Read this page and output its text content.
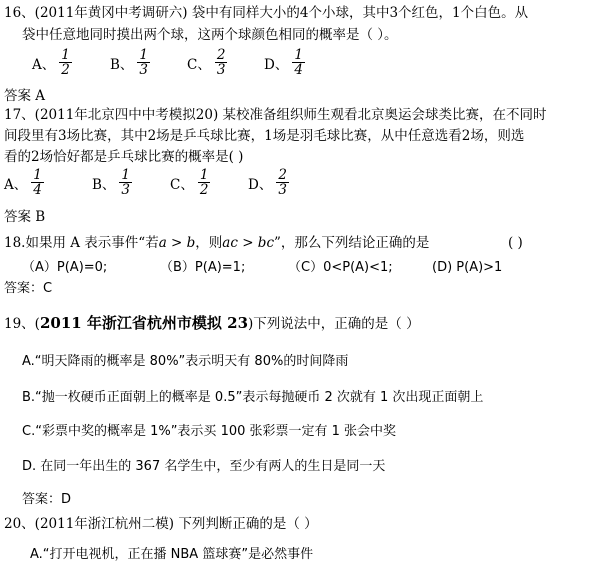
16、(2011年黄冈中考调研六) 袋中有同样大小的4个小球，其中3个红色，1个白色。从
袋中任意地同时摸出两个球，这两个球颜色相同的概率是（ ）。
A、 $\frac{1}{2}$	B、 $\frac{1}{3}$	C、 $\frac{2}{3}$	D、 $\frac{1}{4}$
答案 A
17、(2011年北京四中中考模拟20) 某校准备组织师生观看北京奥运会球类比赛，在不同时
间段里有3场比赛，其中2场是乒乓球比赛，1场是羽毛球比赛，从中任意选看2场，则选
看的2场恰好都是乒乓球比赛的概率是( )
A、 $\frac{1}{4}$	B、 $\frac{1}{3}$	C、 $\frac{1}{2}$	D、 $\frac{2}{3}$
答案 B
18.如果用 A 表示事件“若a > b，则ac > bc”，那么下列结论正确的是	( )
（A）P(A)=0;	（B）P(A)=1;	（C）0<P(A)<1;	(D) P(A)>1
答案：C
19、(2011 年浙江省杭州市模拟 23)下列说法中，正确的是（ ）
A.“明天降雨的概率是 80%”表示明天有 80%的时间降雨
B.“抛一枚硬币正面朝上的概率是 0.5”表示每抛硬币 2 次就有 1 次出现正面朝上
C.“彩票中奖的概率是 1%”表示买 100 张彩票一定有 1 张会中奖
D. 在同一年出生的 367 名学生中，至少有两人的生日是同一天
答案：D
20、(2011年浙江杭州二模) 下列判断正确的是（ ）
A.“打开电视机，正在播 NBA 篮球赛”是必然事件
